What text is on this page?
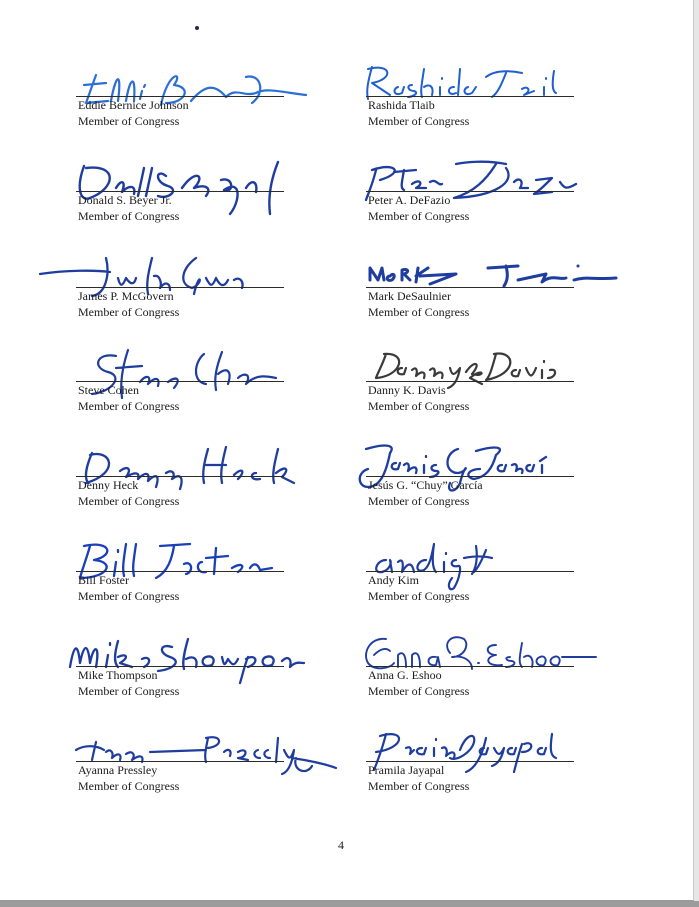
Eddie Bernice Johnson
Member of Congress
Donald S. Beyer Jr.
Member of Congress
James P. McGovern
Member of Congress
Steve Cohen
Member of Congress
Denny Heck
Member of Congress
Bill Foster
Member of Congress
Mike Thompson
Member of Congress
Ayanna Pressley
Member of Congress
Rashida Tlaib
Member of Congress
Peter A. DeFazio
Member of Congress
Mark DeSaulnier
Member of Congress
Danny K. Davis
Member of Congress
Jesús G. “Chuy” García
Member of Congress
Andy Kim
Member of Congress
Anna G. Eshoo
Member of Congress
Pramila Jayapal
Member of Congress
4
